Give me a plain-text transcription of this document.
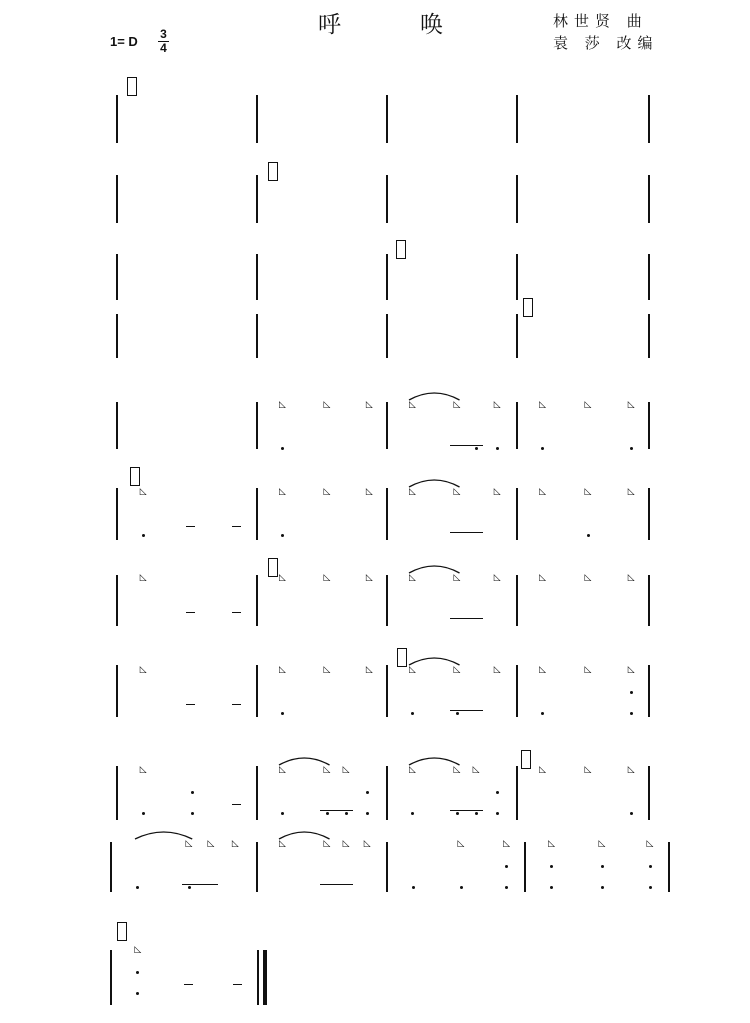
呼　唤	林世贤 曲
袁 莎 改编
1= D 3
4
◺	◺	◺	◺	◺	◺	◺	◺	◺
◺	◺	◺	◺	◺	◺	◺	◺	◺	◺
◺	◺	◺	◺	◺	◺	◺	◺	◺	◺
◺	◺	◺	◺	◺	◺	◺	◺	◺	◺
◺	◺	◺ ◺	◺	◺ ◺	◺	◺	◺
◺ ◺ ◺	◺	◺ ◺ ◺	◺	◺	◺	◺	◺
◺
